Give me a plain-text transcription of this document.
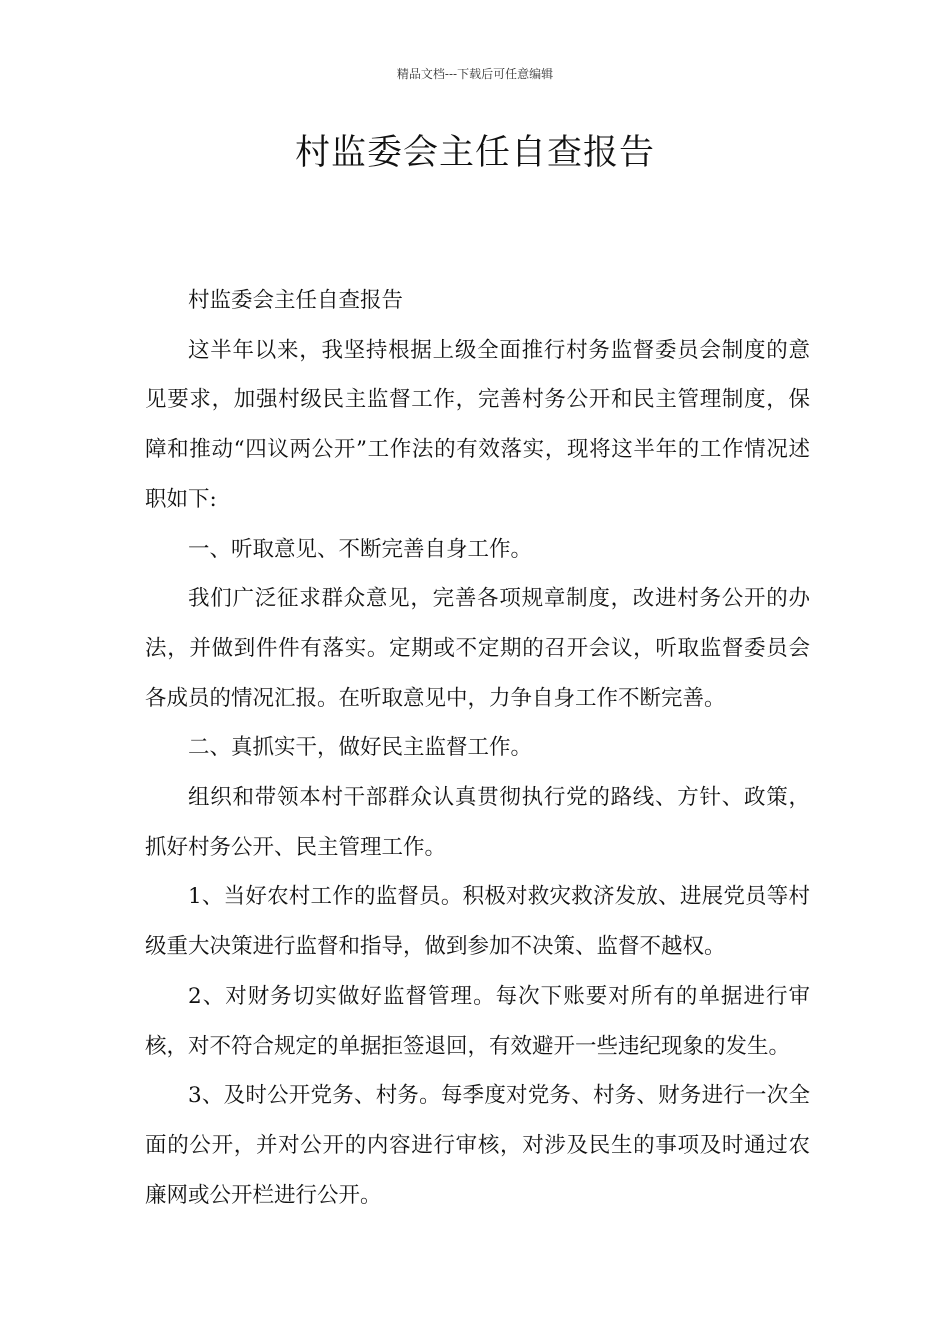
精品文档---下载后可任意编辑
村监委会主任自查报告

村监委会主任自查报告

这半年以来，我坚持根据上级全面推行村务监督委员会制度的意见要求，加强村级民主监督工作，完善村务公开和民主管理制度，保障和推动“四议两公开”工作法的有效落实，现将这半年的工作情况述职如下:

一、听取意见、不断完善自身工作。

我们广泛征求群众意见，完善各项规章制度，改进村务公开的办法，并做到件件有落实。定期或不定期的召开会议，听取监督委员会各成员的情况汇报。在听取意见中，力争自身工作不断完善。

二、真抓实干，做好民主监督工作。

组织和带领本村干部群众认真贯彻执行党的路线、方针、政策，抓好村务公开、民主管理工作。

1、当好农村工作的监督员。积极对救灾救济发放、进展党员等村级重大决策进行监督和指导，做到参加不决策、监督不越权。

2、对财务切实做好监督管理。每次下账要对所有的单据进行审核，对不符合规定的单据拒签退回，有效避开一些违纪现象的发生。

3、及时公开党务、村务。每季度对党务、村务、财务进行一次全面的公开，并对公开的内容进行审核，对涉及民生的事项及时通过农廉网或公开栏进行公开。
